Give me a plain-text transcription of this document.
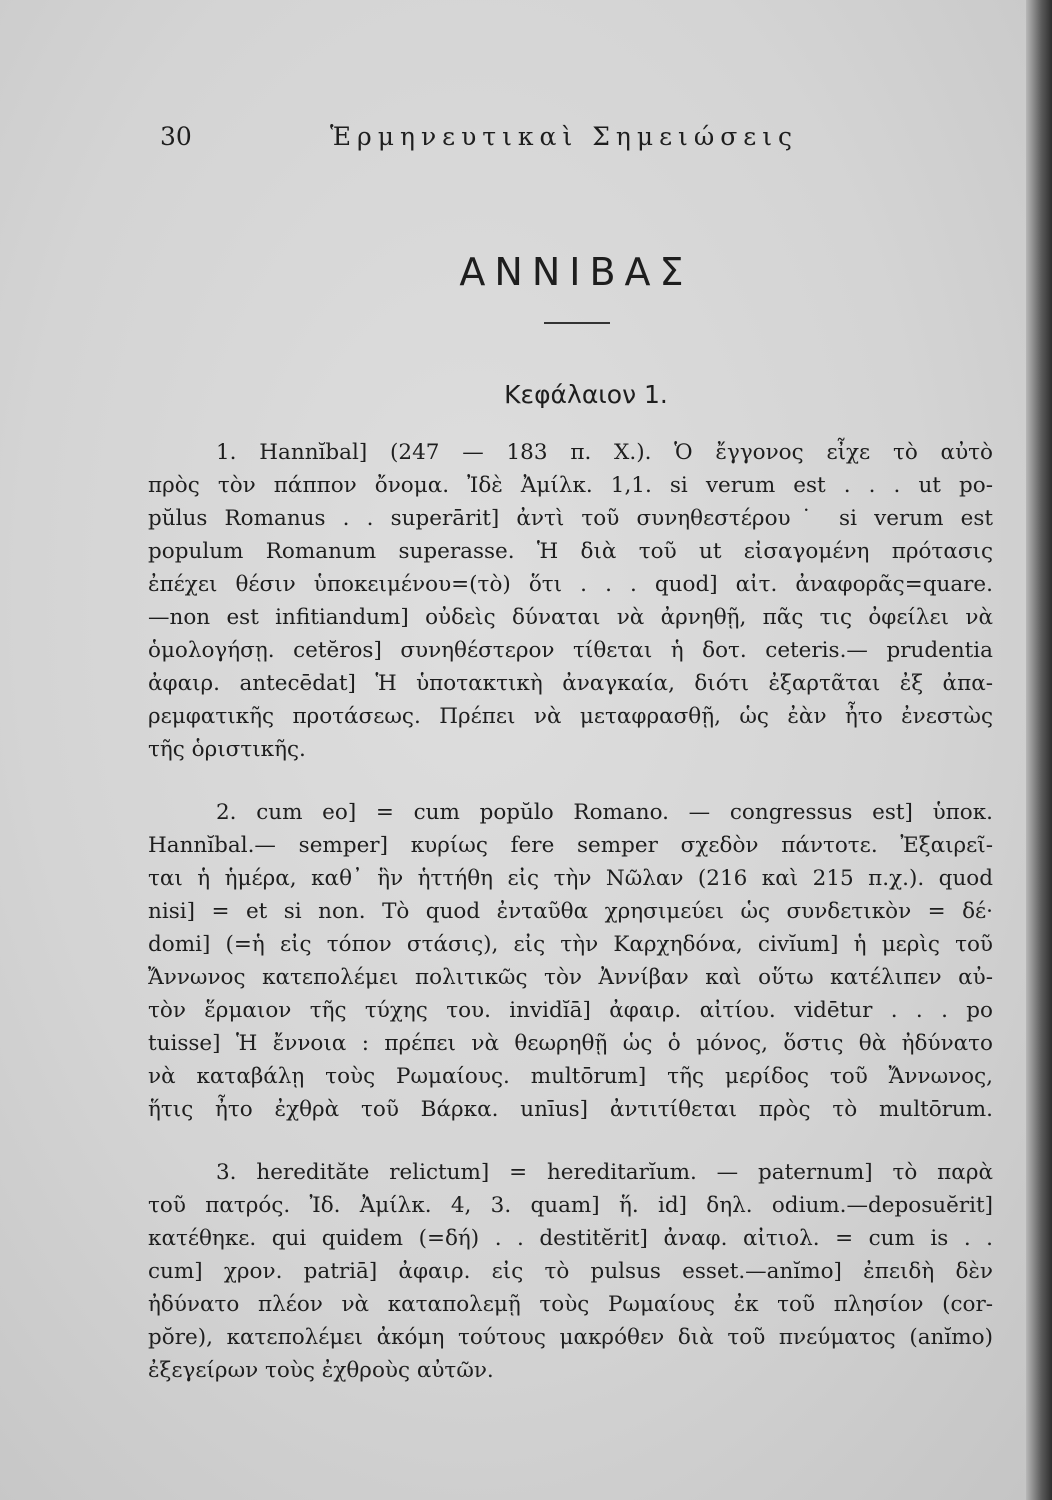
30	Ἑρμηνευτικαὶ Σημειώσεις
ΑΝΝΙΒΑΣ
Κεφάλαιον 1.
1. Hannĭbal] (247 — 183 π. Χ.). Ὁ ἔγγονος εἶχε τὸ αὐτὸ
πρὸς τὸν πάππον ὄνομα. Ἰδὲ Ἀμίλκ. 1,1. si verum est . . . ut po-
pŭlus Romanus . . superārit] ἀντὶ τοῦ συνηθεστέρου˙ si verum est
populum Romanum superasse. Ἡ διὰ τοῦ ut εἰσαγομένη πρότασις
ἐπέχει θέσιν ὑποκειμένου=(τὸ) ὅτι . . . quod] αἰτ. ἀναφορᾶς=quare.
—non est infitiandum] οὐδεὶς δύναται νὰ ἀρνηθῇ, πᾶς τις ὀφείλει νὰ
ὁμολογήσῃ. cetĕros] συνηθέστερον τίθεται ἡ δοτ. ceteris.— prudentia
ἀφαιρ. antecēdat] Ἡ ὑποτακτικὴ ἀναγκαία, διότι ἐξαρτᾶται ἐξ ἀπα-
ρεμφατικῆς προτάσεως. Πρέπει νὰ μεταφρασθῇ, ὡς ἐὰν ἦτο ἐνεστὼς
τῆς ὁριστικῆς.
2. cum eo] = cum popŭlo Romano. — congressus est] ὑποκ.
Hannĭbal.— semper] κυρίως fere semper σχεδὸν πάντοτε. Ἐξαιρεῖ-
ται ἡ ἡμέρα, καθ᾽ ἣν ἡττήθη εἰς τὴν Νῶλαν (216 καὶ 215 π.χ.). quod
nisi] = et si non. Τὸ quod ἐνταῦθα χρησιμεύει ὡς συνδετικὸν = δέ·
domi] (=ἡ εἰς τόπον στάσις), εἰς τὴν Καρχηδόνα, civĭum] ἡ μερὶς τοῦ
Ἄννωνος κατεπολέμει πολιτικῶς τὸν Ἀννίβαν καὶ οὕτω κατέλιπεν αὐ-
τὸν ἕρμαιον τῆς τύχης του. invidĭā] ἀφαιρ. αἰτίου. vidētur . . . po
tuisse] Ἡ ἔννοια : πρέπει νὰ θεωρηθῇ ὡς ὁ μόνος, ὅστις θὰ ἠδύνατο
νὰ καταβάλῃ τοὺς Ρωμαίους. multōrum] τῆς μερίδος τοῦ Ἄννωνος,
ἥτις ἦτο ἐχθρὰ τοῦ Βάρκα. unīus] ἀντιτίθεται πρὸς τὸ multōrum.
3. heredităte relictum] = hereditarĭum. — paternum] τὸ παρὰ
τοῦ πατρός. Ἰδ. Ἀμίλκ. 4, 3. quam] ἥ. id] δηλ. odium.—deposuĕrit]
κατέθηκε. qui quidem (=δή) . . destitĕrit] ἀναφ. αἰτιολ. = cum is . .
cum] χρον. patriā] ἀφαιρ. εἰς τὸ pulsus esset.—anĭmo] ἐπειδὴ δὲν
ἠδύνατο πλέον νὰ καταπολεμῇ τοὺς Ρωμαίους ἐκ τοῦ πλησίον (cor-
pŏre), κατεπολέμει ἀκόμη τούτους μακρόθεν διὰ τοῦ πνεύματος (anĭmo)
ἐξεγείρων τοὺς ἐχθροὺς αὐτῶν.
